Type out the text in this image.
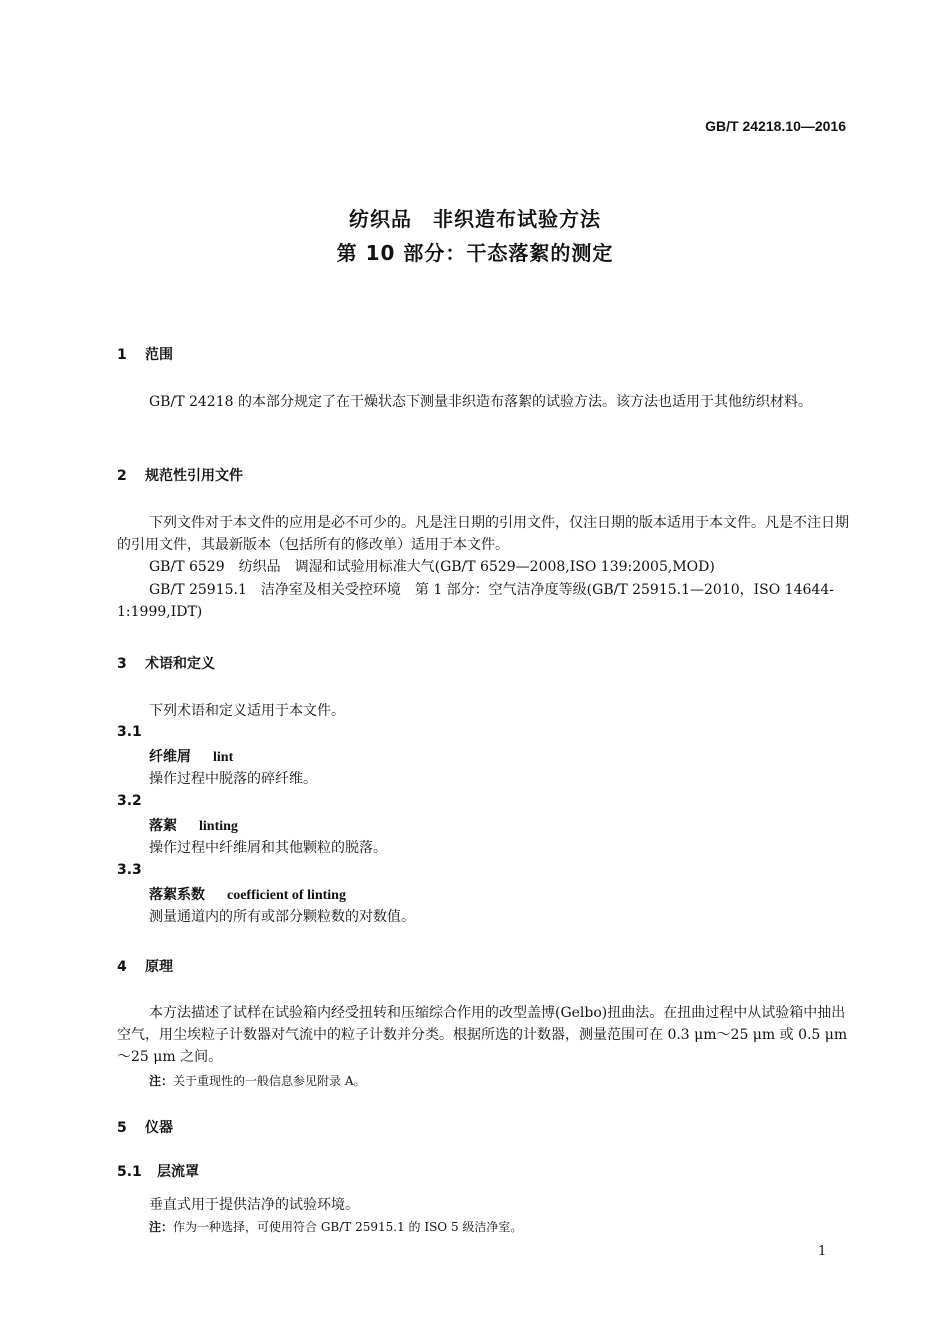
GB/T 24218.10—2016
纺织品　非织造布试验方法
第 10 部分：干态落絮的测定
1 范围
GB/T 24218 的本部分规定了在干燥状态下测量非织造布落絮的试验方法。该方法也适用于其他纺织材料。
2 规范性引用文件
下列文件对于本文件的应用是必不可少的。凡是注日期的引用文件，仅注日期的版本适用于本文件。凡是不注日期的引用文件，其最新版本（包括所有的修改单）适用于本文件。
GB/T 6529　纺织品　调湿和试验用标准大气(GB/T 6529—2008,ISO 139:2005,MOD)
GB/T 25915.1　洁净室及相关受控环境　第 1 部分：空气洁净度等级(GB/T 25915.1—2010，ISO 14644-1:1999,IDT)
3 术语和定义
下列术语和定义适用于本文件。
3.1
纤维屑 lint
操作过程中脱落的碎纤维。
3.2
落絮 linting
操作过程中纤维屑和其他颗粒的脱落。
3.3
落絮系数 coefficient of linting
测量通道内的所有或部分颗粒数的对数值。
4 原理
本方法描述了试样在试验箱内经受扭转和压缩综合作用的改型盖博(Gelbo)扭曲法。在扭曲过程中从试验箱中抽出空气，用尘埃粒子计数器对气流中的粒子计数并分类。根据所选的计数器，测量范围可在 0.3 μm～25 μm 或 0.5 μm～25 μm 之间。
注：关于重现性的一般信息参见附录 A。
5 仪器
5.1 层流罩
垂直式用于提供洁净的试验环境。
注：作为一种选择，可使用符合 GB/T 25915.1 的 ISO 5 级洁净室。
1
